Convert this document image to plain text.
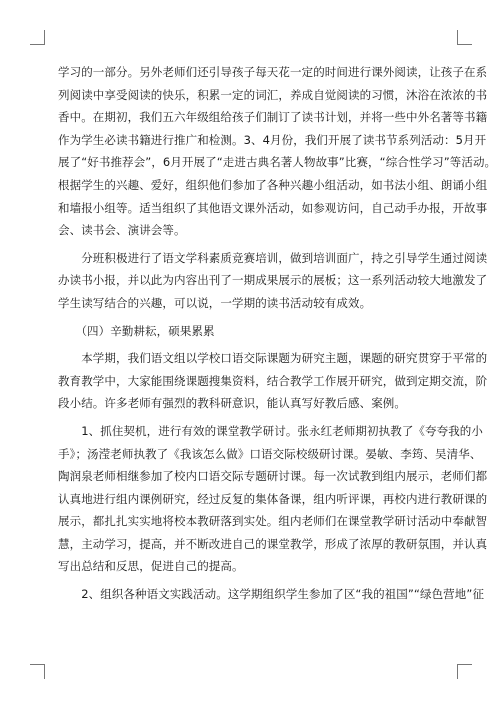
学习的一部分。另外老师们还引导孩子每天花一定的时间进行课外阅读，让孩子在系
列阅读中享受阅读的快乐，积累一定的词汇，养成自觉阅读的习惯，沐浴在浓浓的书
香中。在期初，我们五六年级组给孩子们制订了读书计划，并将一些中外名著等书籍
作为学生必读书籍进行推广和检测。3、4月份，我们开展了读书节系列活动：5月开
展了“好书推荐会”，6月开展了“走进古典名著人物故事”比赛，“综合性学习”等活动。
根据学生的兴趣、爱好，组织他们参加了各种兴趣小组活动，如书法小组、朗诵小组
和墙报小组等。适当组织了其他语文课外活动，如参观访问，自己动手办报，开故事
会、读书会、演讲会等。

　　分班积极进行了语文学科素质竞赛培训，做到培训面广，持之引导学生通过阅读
办读书小报，并以此为内容出刊了一期成果展示的展板；这一系列活动较大地激发了
学生读写结合的兴趣，可以说，一学期的读书活动较有成效。

　　（四）辛勤耕耘，硕果累累

　　本学期，我们语文组以学校口语交际课题为研究主题，课题的研究贯穿于平常的
教育教学中，大家能围绕课题搜集资料，结合教学工作展开研究，做到定期交流，阶
段小结。许多老师有强烈的教科研意识，能认真写好教后感、案例。

　　1、抓住契机，进行有效的课堂教学研讨。张永红老师期初执教了《夸夸我的小
手》；汤滢老师执教了《我该怎么做》口语交际校级研讨课。晏敏、李筠、吴清华、
陶润泉老师相继参加了校内口语交际专题研讨课。每一次试教到组内展示，老师们都
认真地进行组内课例研究，经过反复的集体备课，组内听评课，再校内进行教研课的
展示，都扎扎实实地将校本教研落到实处。组内老师们在课堂教学研讨活动中奉献智
慧，主动学习，提高，并不断改进自己的课堂教学，形成了浓厚的教研氛围，并认真
写出总结和反思，促进自己的提高。

　　2、组织各种语文实践活动。这学期组织学生参加了区“我的祖国”“绿色营地”征
